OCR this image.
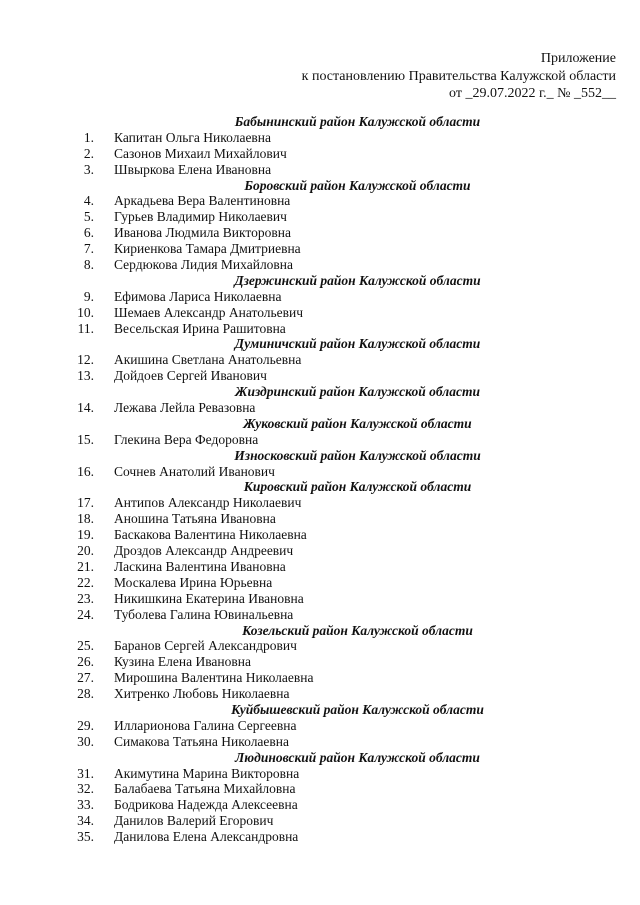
Приложение
к постановлению Правительства Калужской области
от _29.07.2022 г._ № _552__
Бабынинский район Калужской области
1. Капитан Ольга Николаевна
2. Сазонов Михаил Михайлович
3. Швыркова Елена Ивановна
Боровский район Калужской области
4. Аркадьева Вера Валентиновна
5. Гурьев Владимир Николаевич
6. Иванова Людмила Викторовна
7. Кириенкова Тамара Дмитриевна
8. Сердюкова Лидия Михайловна
Дзержинский район Калужской области
9. Ефимова Лариса Николаевна
10. Шемаев Александр Анатольевич
11. Весельская Ирина Рашитовна
Думиничский район Калужской области
12. Акишина Светлана Анатольевна
13. Дойдоев Сергей Иванович
Жиздринский район Калужской области
14. Лежава Лейла Ревазовна
Жуковский район Калужской области
15. Глекина Вера Федоровна
Износковский район Калужской области
16. Сочнев Анатолий Иванович
Кировский район Калужской области
17. Антипов Александр Николаевич
18. Аношина Татьяна Ивановна
19. Баскакова Валентина Николаевна
20. Дроздов Александр Андреевич
21. Ласкина Валентина Ивановна
22. Москалева Ирина Юрьевна
23. Никишкина Екатерина Ивановна
24. Туболева Галина Ювинальевна
Козельский район Калужской области
25. Баранов Сергей Александрович
26. Кузина Елена Ивановна
27. Мирошина Валентина Николаевна
28. Хитренко Любовь Николаевна
Куйбышевский район Калужской области
29. Илларионова Галина Сергеевна
30. Симакова Татьяна Николаевна
Людиновский район Калужской области
31. Акимутина Марина Викторовна
32. Балабаева Татьяна Михайловна
33. Бодрикова Надежда Алексеевна
34. Данилов Валерий Егорович
35. Данилова Елена Александровна
